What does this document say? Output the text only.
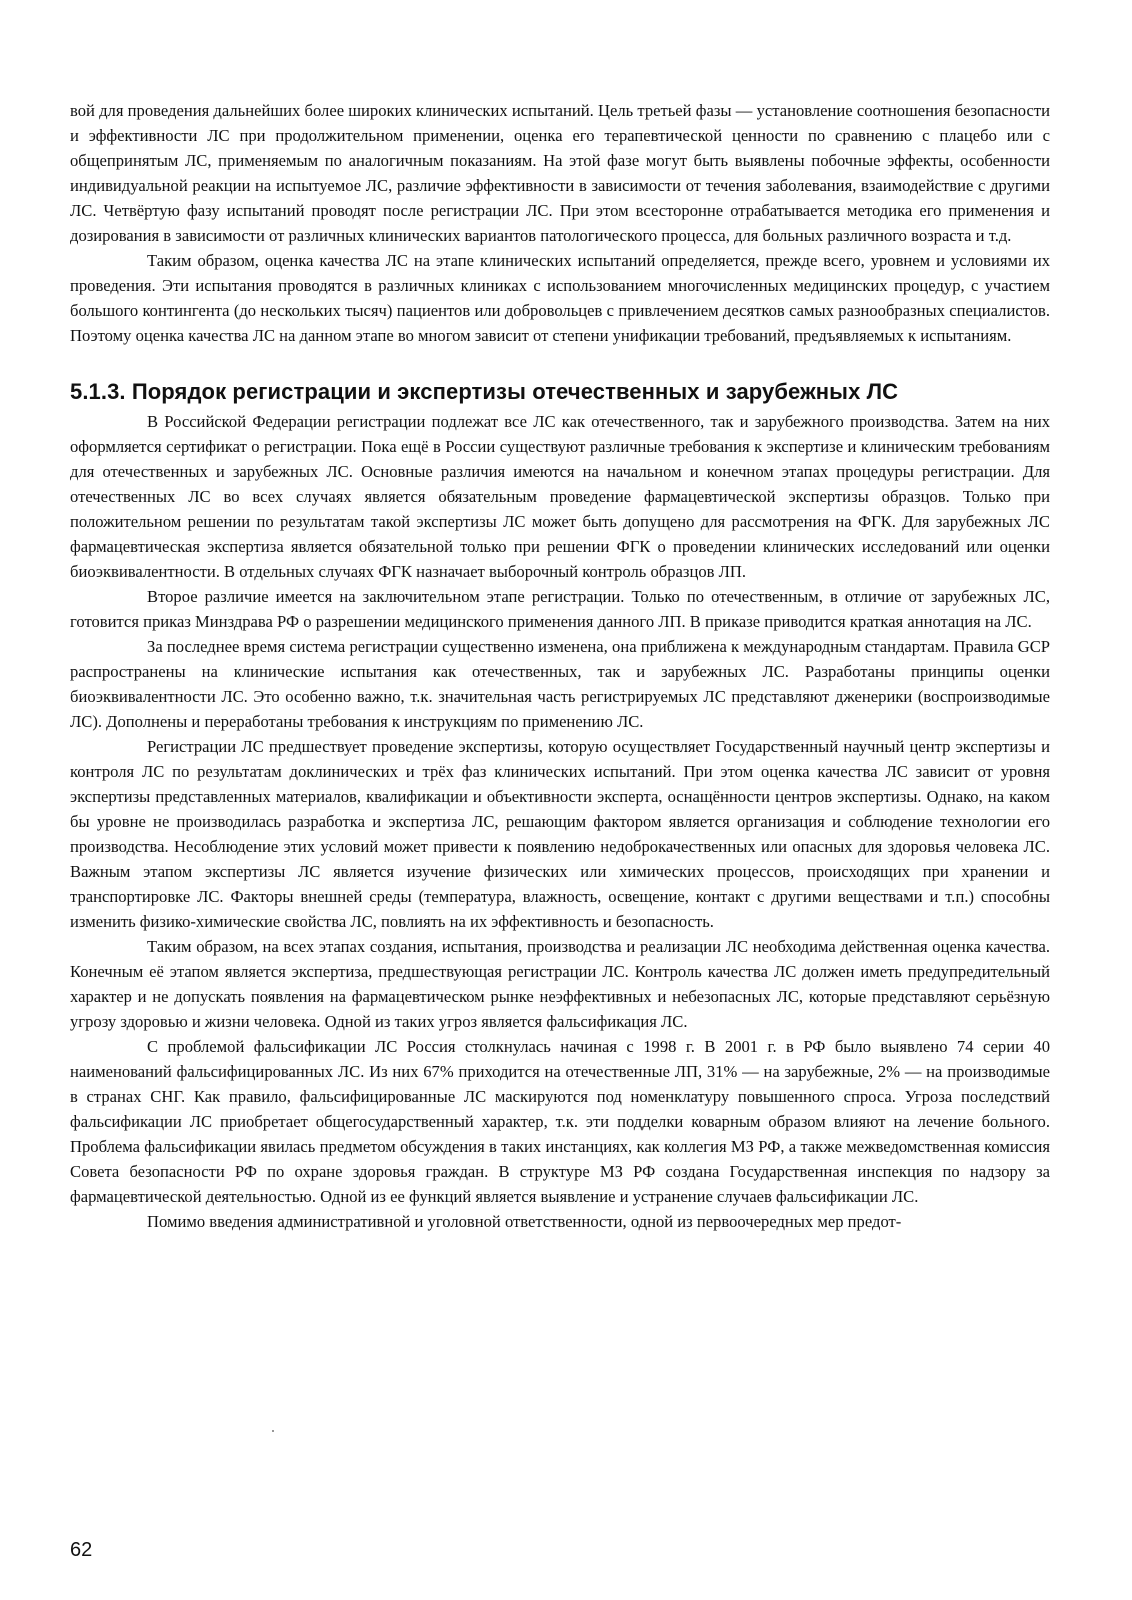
вой для проведения дальнейших более широких клинических испытаний. Цель третьей фазы — установление соотношения безопасности и эффективности ЛС при продолжительном применении, оценка его терапевтической ценности по сравнению с плацебо или с общепринятым ЛС, применяемым по аналогичным показаниям. На этой фазе могут быть выявлены побочные эффекты, особенности индивидуальной реакции на испытуемое ЛС, различие эффективности в зависимости от течения заболевания, взаимодействие с другими ЛС. Четвёртую фазу испытаний проводят после регистрации ЛС. При этом всесторонне отрабатывается методика его применения и дозирования в зависимости от различных клинических вариантов патологического процесса, для больных различного возраста и т.д.

Таким образом, оценка качества ЛС на этапе клинических испытаний определяется, прежде всего, уровнем и условиями их проведения. Эти испытания проводятся в различных клиниках с использованием многочисленных медицинских процедур, с участием большого контингента (до нескольких тысяч) пациентов или добровольцев с привлечением десятков самых разнообразных специалистов. Поэтому оценка качества ЛС на данном этапе во многом зависит от степени унификации требований, предъявляемых к испытаниям.

5.1.3. Порядок регистрации и экспертизы отечественных и зарубежных ЛС

В Российской Федерации регистрации подлежат все ЛС как отечественного, так и зарубежного производства. Затем на них оформляется сертификат о регистрации. Пока ещё в России существуют различные требования к экспертизе и клиническим требованиям для отечественных и зарубежных ЛС. Основные различия имеются на начальном и конечном этапах процедуры регистрации. Для отечественных ЛС во всех случаях является обязательным проведение фармацевтической экспертизы образцов. Только при положительном решении по результатам такой экспертизы ЛС может быть допущено для рассмотрения на ФГК. Для зарубежных ЛС фармацевтическая экспертиза является обязательной только при решении ФГК о проведении клинических исследований или оценки биоэквивалентности. В отдельных случаях ФГК назначает выборочный контроль образцов ЛП.

Второе различие имеется на заключительном этапе регистрации. Только по отечественным, в отличие от зарубежных ЛС, готовится приказ Минздрава РФ о разрешении медицинского применения данного ЛП. В приказе приводится краткая аннотация на ЛС.

За последнее время система регистрации существенно изменена, она приближена к международным стандартам. Правила GCP распространены на клинические испытания как отечественных, так и зарубежных ЛС. Разработаны принципы оценки биоэквивалентности ЛС. Это особенно важно, т.к. значительная часть регистрируемых ЛС представляют дженерики (воспроизводимые ЛС). Дополнены и переработаны требования к инструкциям по применению ЛС.

Регистрации ЛС предшествует проведение экспертизы, которую осуществляет Государственный научный центр экспертизы и контроля ЛС по результатам доклинических и трёх фаз клинических испытаний. При этом оценка качества ЛС зависит от уровня экспертизы представленных материалов, квалификации и объективности эксперта, оснащённости центров экспертизы. Однако, на каком бы уровне не производилась разработка и экспертиза ЛС, решающим фактором является организация и соблюдение технологии его производства. Несоблюдение этих условий может привести к появлению недоброкачественных или опасных для здоровья человека ЛС. Важным этапом экспертизы ЛС является изучение физических или химических процессов, происходящих при хранении и транспортировке ЛС. Факторы внешней среды (температура, влажность, освещение, контакт с другими веществами и т.п.) способны изменить физико-химические свойства ЛС, повлиять на их эффективность и безопасность.

Таким образом, на всех этапах создания, испытания, производства и реализации ЛС необходима действенная оценка качества. Конечным её этапом является экспертиза, предшествующая регистрации ЛС. Контроль качества ЛС должен иметь предупредительный характер и не допускать появления на фармацевтическом рынке неэффективных и небезопасных ЛС, которые представляют серьёзную угрозу здоровью и жизни человека. Одной из таких угроз является фальсификация ЛС.

С проблемой фальсификации ЛС Россия столкнулась начиная с 1998 г. В 2001 г. в РФ было выявлено 74 серии 40 наименований фальсифицированных ЛС. Из них 67% приходится на отечественные ЛП, 31% — на зарубежные, 2% — на производимые в странах СНГ. Как правило, фальсифицированные ЛС маскируются под номенклатуру повышенного спроса. Угроза последствий фальсификации ЛС приобретает общегосударственный характер, т.к. эти подделки коварным образом влияют на лечение больного. Проблема фальсификации явилась предметом обсуждения в таких инстанциях, как коллегия МЗ РФ, а также межведомственная комиссия Совета безопасности РФ по охране здоровья граждан. В структуре МЗ РФ создана Государственная инспекция по надзору за фармацевтической деятельностью. Одной из ее функций является выявление и устранение случаев фальсификации ЛС.

Помимо введения административной и уголовной ответственности, одной из первоочередных мер предот-

62
